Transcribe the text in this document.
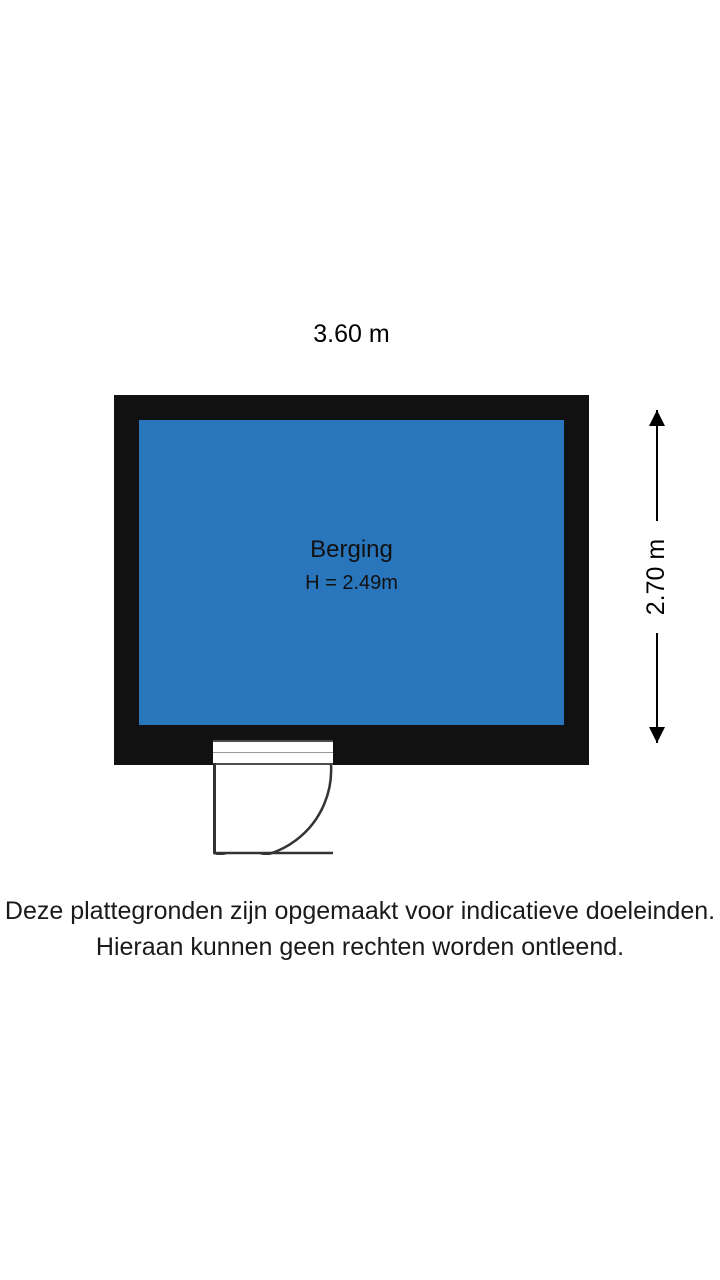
3.60 m
2.70 m
Berging
H = 2.49m
Deze plattegronden zijn opgemaakt voor indicatieve doeleinden.
Hieraan kunnen geen rechten worden ontleend.
